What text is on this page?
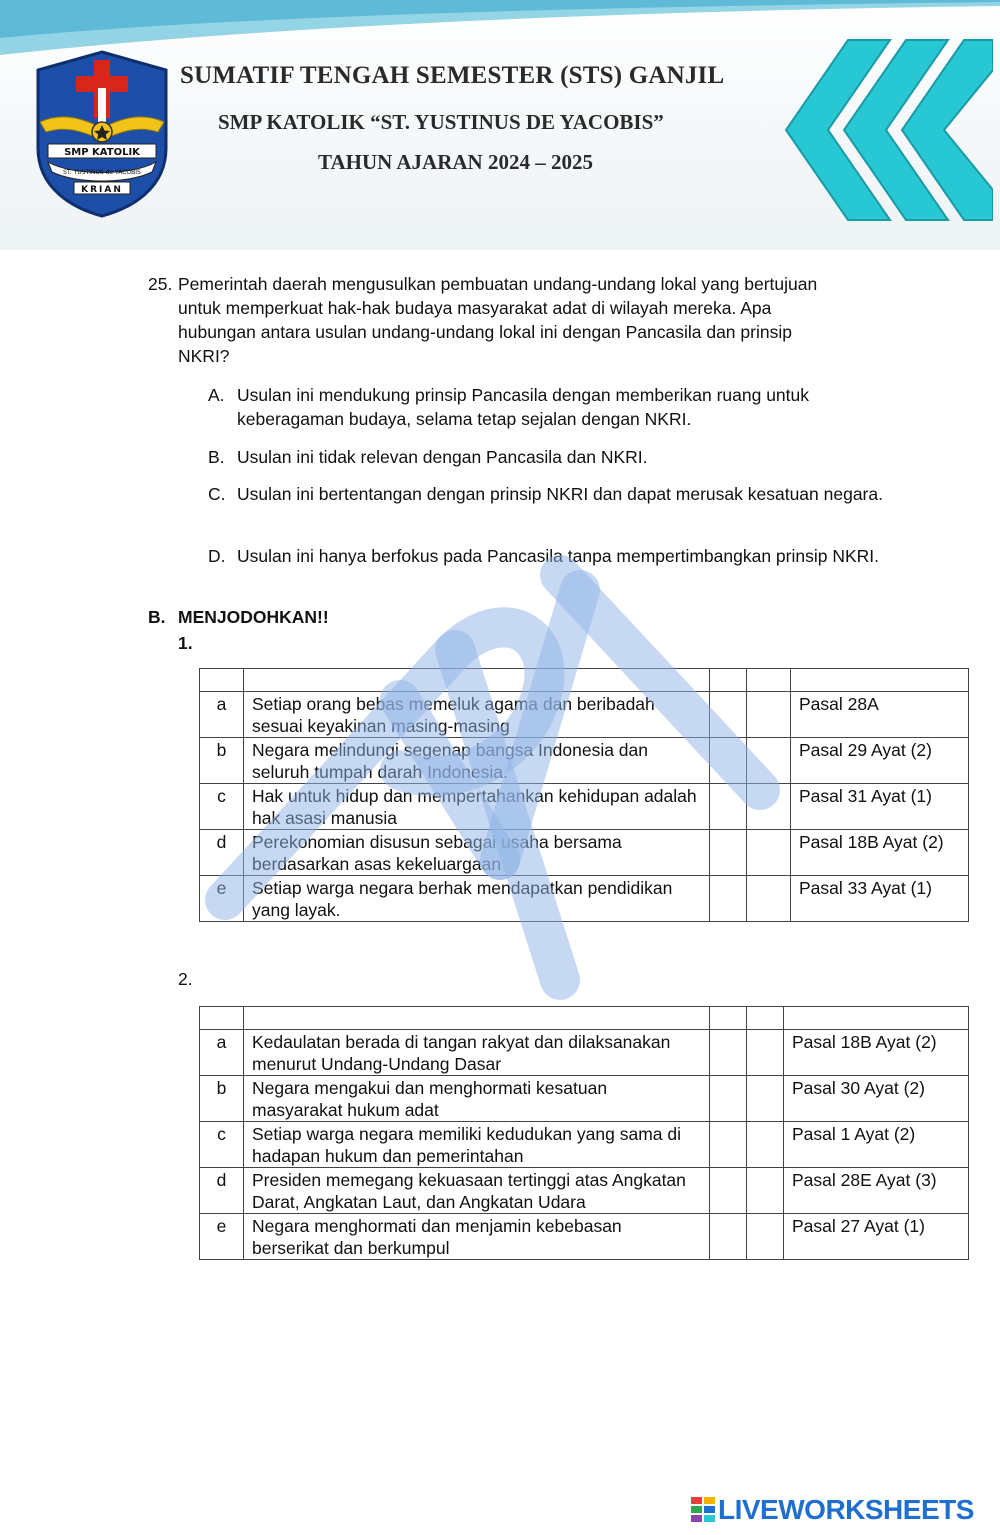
SMP KATOLIK
ST. YUSTINUS de YACOBIS
KRIAN
SUMATIF TENGAH SEMESTER (STS) GANJIL
SMP KATOLIK “ST. YUSTINUS DE YACOBIS”
TAHUN AJARAN 2024 – 2025
25. Pemerintah daerah mengusulkan pembuatan undang-undang lokal yang bertujuan untuk memperkuat hak-hak budaya masyarakat adat di wilayah mereka. Apa hubungan antara usulan undang-undang lokal ini dengan Pancasila dan prinsip NKRI?
A. Usulan ini mendukung prinsip Pancasila dengan memberikan ruang untuk keberagaman budaya, selama tetap sejalan dengan NKRI.
B. Usulan ini tidak relevan dengan Pancasila dan NKRI.
C. Usulan ini bertentangan dengan prinsip NKRI dan dapat merusak kesatuan negara.
D. Usulan ini hanya berfokus pada Pancasila tanpa mempertimbangkan prinsip NKRI.
B. MENJODOHKAN!!
1.

a	Setiap orang bebas memeluk agama dan beribadah sesuai keyakinan masing-masing			Pasal 28A
b	Negara melindungi segenap bangsa Indonesia dan seluruh tumpah darah Indonesia.			Pasal 29 Ayat (2)
c	Hak untuk hidup dan mempertahankan kehidupan adalah hak asasi manusia			Pasal 31 Ayat (1)
d	Perekonomian disusun sebagai usaha bersama berdasarkan asas kekeluargaan			Pasal 18B Ayat (2)
e	Setiap warga negara berhak mendapatkan pendidikan yang layak.			Pasal 33 Ayat (1)
2.

a	Kedaulatan berada di tangan rakyat dan dilaksanakan menurut Undang-Undang Dasar			Pasal 18B Ayat (2)
b	Negara mengakui dan menghormati kesatuan masyarakat hukum adat			Pasal 30 Ayat (2)
c	Setiap warga negara memiliki kedudukan yang sama di hadapan hukum dan pemerintahan			Pasal 1 Ayat (2)
d	Presiden memegang kekuasaan tertinggi atas Angkatan Darat, Angkatan Laut, dan Angkatan Udara			Pasal 28E Ayat (3)
e	Negara menghormati dan menjamin kebebasan berserikat dan berkumpul			Pasal 27 Ayat (1)
LIVEWORKSHEETS
